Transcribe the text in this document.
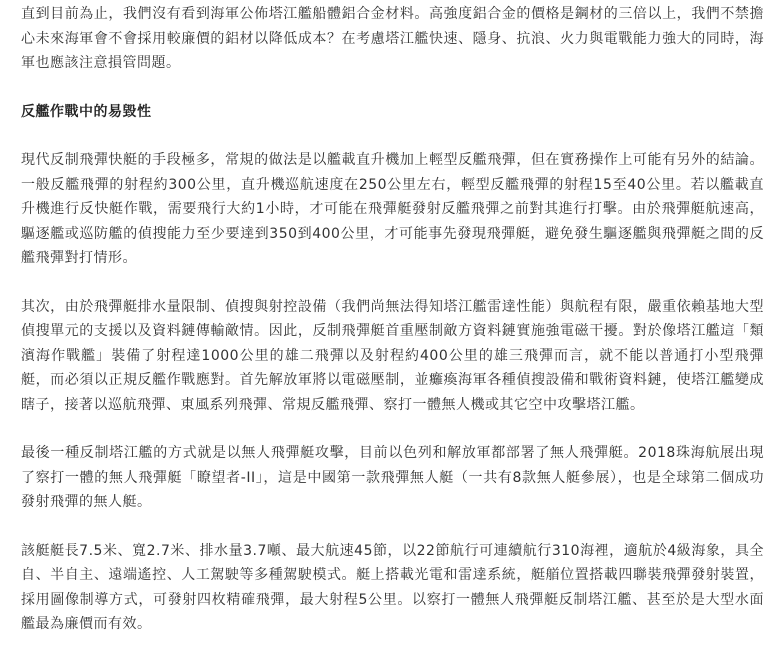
直到目前為止，我們沒有看到海軍公佈塔江艦船體鋁合金材料。高強度鋁合金的價格是鋼材的三倍以上，我們不禁擔心未來海軍會不會採用較廉價的鋁材以降低成本？在考慮塔江艦快速、隱身、抗浪、火力與電戰能力強大的同時，海軍也應該注意損管問題。

反艦作戰中的易毀性

現代反制飛彈快艇的手段極多，常規的做法是以艦載直升機加上輕型反艦飛彈，但在實務操作上可能有另外的結論。一般反艦飛彈的射程約300公里，直升機巡航速度在250公里左右，輕型反艦飛彈的射程15至40公里。若以艦載直升機進行反快艇作戰，需要飛行大約1小時，才可能在飛彈艇發射反艦飛彈之前對其進行打擊。由於飛彈艇航速高，驅逐艦或巡防艦的偵搜能力至少要達到350到400公里，才可能事先發現飛彈艇，避免發生驅逐艦與飛彈艇之間的反艦飛彈對打情形。

其次，由於飛彈艇排水量限制、偵搜與射控設備（我們尚無法得知塔江艦雷達性能）與航程有限，嚴重依賴基地大型偵搜單元的支援以及資料鏈傳輸敵情。因此，反制飛彈艇首重壓制敵方資料鏈實施強電磁干擾。對於像塔江艦這「類濱海作戰艦」裝備了射程達1000公里的雄二飛彈以及射程約400公里的雄三飛彈而言，就不能以普通打小型飛彈艇，而必須以正規反艦作戰應對。首先解放軍將以電磁壓制，並癱瘓海軍各種偵搜設備和戰術資料鏈，使塔江艦變成瞎子，接著以巡航飛彈、東風系列飛彈、常規反艦飛彈、察打一體無人機或其它空中攻擊塔江艦。

最後一種反制塔江艦的方式就是以無人飛彈艇攻擊，目前以色列和解放軍都部署了無人飛彈艇。2018珠海航展出現了察打一體的無人飛彈艇「瞭望者-II」，這是中國第一款飛彈無人艇（一共有8款無人艇參展），也是全球第二個成功發射飛彈的無人艇。

該艇艇長7.5米、寬2.7米、排水量3.7噸、最大航速45節，以22節航行可連續航行310海裡，適航於4級海象，具全自、半自主、遠端遙控、人工駕駛等多種駕駛模式。艇上搭載光電和雷達系統，艇艏位置搭載四聯裝飛彈發射裝置，採用圖像制導方式，可發射四枚精確飛彈，最大射程5公里。以察打一體無人飛彈艇反制塔江艦、甚至於是大型水面艦最為廉價而有效。
